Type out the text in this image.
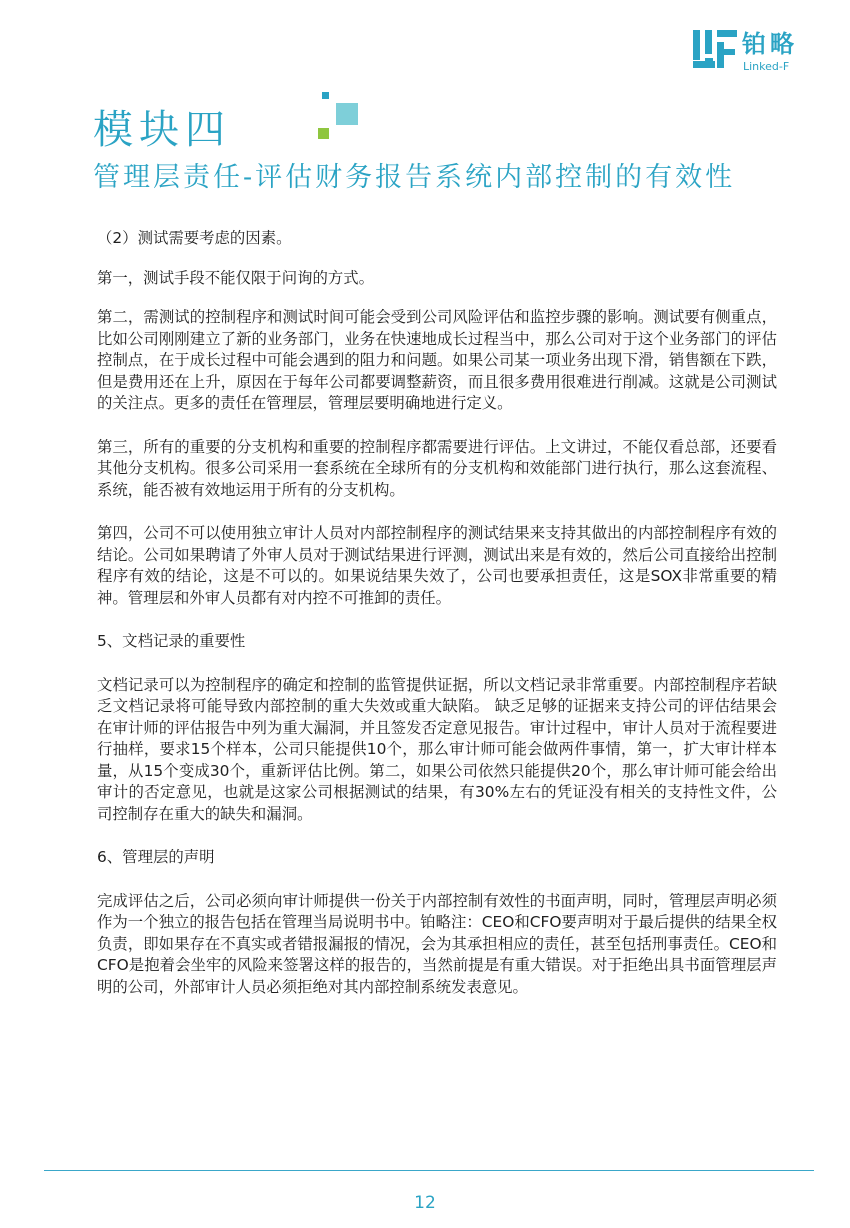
铂略
Linked-F
模块四
管理层责任-评估财务报告系统内部控制的有效性

（2）测试需要考虑的因素。

第一，测试手段不能仅限于问询的方式。

第二，需测试的控制程序和测试时间可能会受到公司风险评估和监控步骤的影响。测试要有侧重点，比如公司刚刚建立了新的业务部门，业务在快速地成长过程当中，那么公司对于这个业务部门的评估控制点，在于成长过程中可能会遇到的阻力和问题。如果公司某一项业务出现下滑，销售额在下跌，但是费用还在上升，原因在于每年公司都要调整薪资，而且很多费用很难进行削减。这就是公司测试的关注点。更多的责任在管理层，管理层要明确地进行定义。

第三，所有的重要的分支机构和重要的控制程序都需要进行评估。上文讲过，不能仅看总部，还要看其他分支机构。很多公司采用一套系统在全球所有的分支机构和效能部门进行执行，那么这套流程、系统，能否被有效地运用于所有的分支机构。

第四，公司不可以使用独立审计人员对内部控制程序的测试结果来支持其做出的内部控制程序有效的结论。公司如果聘请了外审人员对于测试结果进行评测，测试出来是有效的，然后公司直接给出控制程序有效的结论，这是不可以的。如果说结果失效了，公司也要承担责任，这是SOX非常重要的精神。管理层和外审人员都有对内控不可推卸的责任。

5、文档记录的重要性

文档记录可以为控制程序的确定和控制的监管提供证据，所以文档记录非常重要。内部控制程序若缺乏文档记录将可能导致内部控制的重大失效或重大缺陷。 缺乏足够的证据来支持公司的评估结果会在审计师的评估报告中列为重大漏洞，并且签发否定意见报告。审计过程中，审计人员对于流程要进行抽样，要求15个样本，公司只能提供10个，那么审计师可能会做两件事情，第一，扩大审计样本量，从15个变成30个，重新评估比例。第二，如果公司依然只能提供20个，那么审计师可能会给出审计的否定意见，也就是这家公司根据测试的结果，有30%左右的凭证没有相关的支持性文件，公司控制存在重大的缺失和漏洞。

6、管理层的声明

完成评估之后，公司必须向审计师提供一份关于内部控制有效性的书面声明，同时，管理层声明必须作为一个独立的报告包括在管理当局说明书中。铂略注：CEO和CFO要声明对于最后提供的结果全权负责，即如果存在不真实或者错报漏报的情况，会为其承担相应的责任，甚至包括刑事责任。CEO和CFO是抱着会坐牢的风险来签署这样的报告的，当然前提是有重大错误。对于拒绝出具书面管理层声明的公司，外部审计人员必须拒绝对其内部控制系统发表意见。

12
